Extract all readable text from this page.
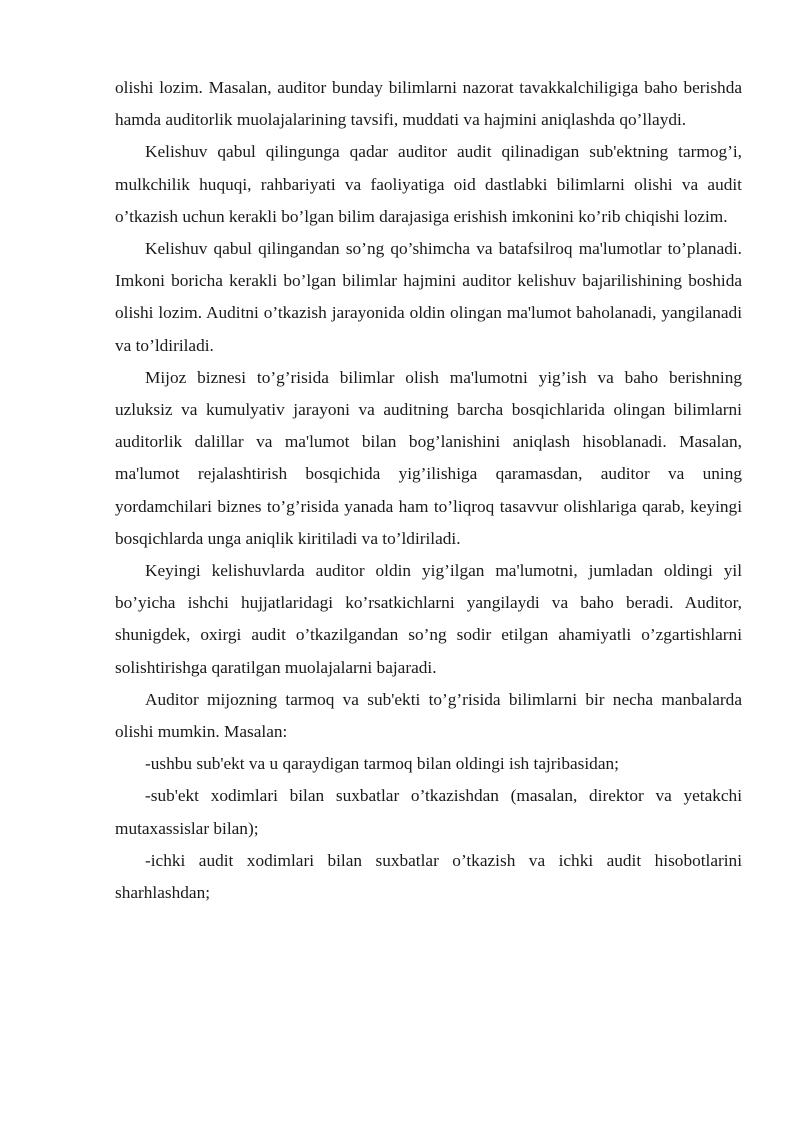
olishi lozim. Masalan, auditor bunday bilimlarni nazorat tavakkalchiligiga baho berishda hamda auditorlik muolajalarining tavsifi, muddati va hajmini aniqlashda qo’llaydi.

Kelishuv qabul qilingunga qadar auditor audit qilinadigan sub'ektning tarmog’i, mulkchilik huquqi, rahbariyati va faoliyatiga oid dastlabki bilimlarni olishi va audit o’tkazish uchun kerakli bo’lgan bilim darajasiga erishish imkonini ko’rib chiqishi lozim.

Kelishuv qabul qilingandan so’ng qo’shimcha va batafsilroq ma'lumotlar to’planadi. Imkoni boricha kerakli bo’lgan bilimlar hajmini auditor kelishuv bajarilishining boshida olishi lozim. Auditni o’tkazish jarayonida oldin olingan ma'lumot baholanadi, yangilanadi va to’ldiriladi.

Mijoz biznesi to’g’risida bilimlar olish ma'lumotni yig’ish va baho berishning uzluksiz va kumulyativ jarayoni va auditning barcha bosqichlarida olingan bilimlarni auditorlik dalillar va ma'lumot bilan bog’lanishini aniqlash hisoblanadi. Masalan, ma'lumot rejalashtirish bosqichida yig’ilishiga qaramasdan, auditor va uning yordamchilari biznes to’g’risida yanada ham to’liqroq tasavvur olishlariga qarab, keyingi bosqichlarda unga aniqlik kiritiladi va to’ldiriladi.

Keyingi kelishuvlarda auditor oldin yig’ilgan ma'lumotni, jumladan oldingi yil bo’yicha ishchi hujjatlaridagi ko’rsatkichlarni yangilaydi va baho beradi. Auditor, shunigdek, oxirgi audit o’tkazilgandan so’ng sodir etilgan ahamiyatli o’zgartishlarni solishtirishga qaratilgan muolajalarni bajaradi.

Auditor mijozning tarmoq va sub'ekti to’g’risida bilimlarni bir necha manbalarda olishi mumkin. Masalan:

-ushbu sub'ekt va u qaraydigan tarmoq bilan oldingi ish tajribasidan;

-sub'ekt xodimlari bilan suxbatlar o’tkazishdan (masalan, direktor va yetakchi mutaxassislar bilan);

-ichki audit xodimlari bilan suxbatlar o’tkazish va ichki audit hisobotlarini sharhlashdan;
